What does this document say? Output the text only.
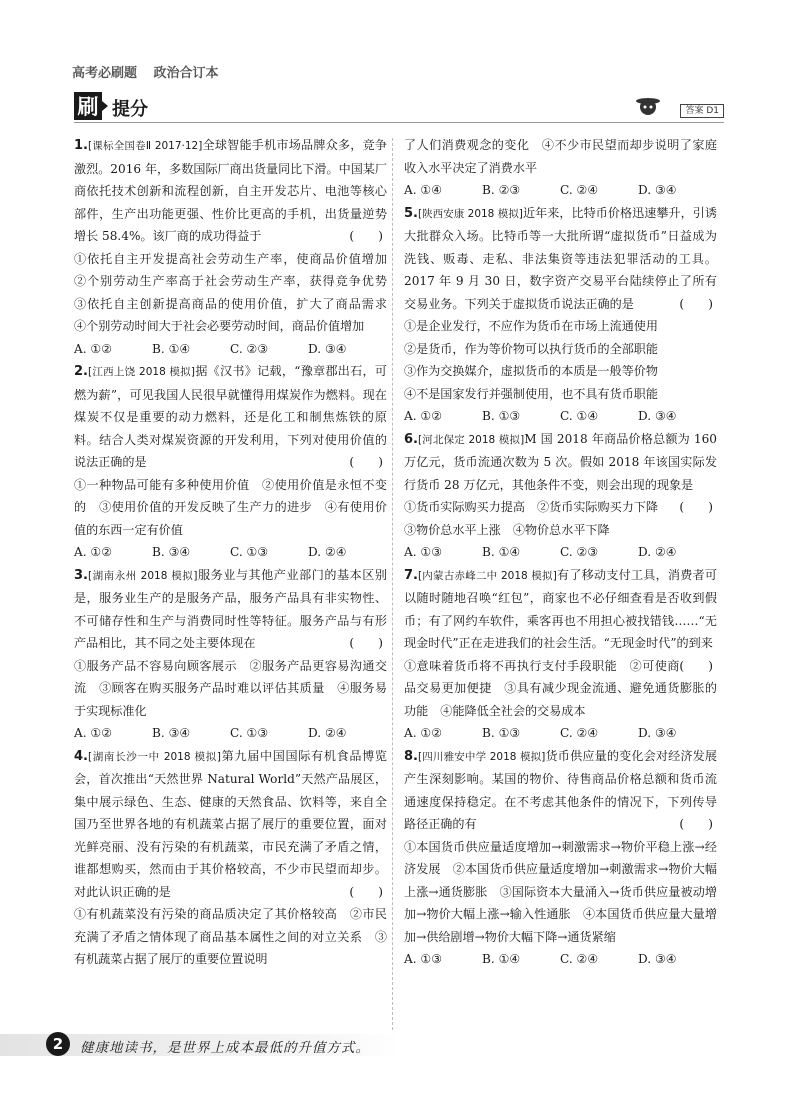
高考必刷题 政治合订本
刷 提分	答案 D1

1.[课标全国卷Ⅱ 2017·12]全球智能手机市场品牌众多，竞争激烈。2016 年，多数国际厂商出货量同比下滑。中国某厂商依托技术创新和流程创新，自主开发芯片、电池等核心部件，生产出功能更强、性价比更高的手机，出货量逆势增长 58.4%。该厂商的成功得益于	(　　)

①依托自主开发提高社会劳动生产率，使商品价值增加　②个别劳动生产率高于社会劳动生产率，获得竞争优势　③依托自主创新提高商品的使用价值，扩大了商品需求　④个别劳动时间大于社会必要劳动时间，商品价值增加

A. ①②	B. ①④	C. ②③	D. ③④

2.[江西上饶 2018 模拟]据《汉书》记载，“豫章郡出石，可燃为薪”，可见我国人民很早就懂得用煤炭作为燃料。现在煤炭不仅是重要的动力燃料，还是化工和制焦炼铁的原料。结合人类对煤炭资源的开发利用，下列对使用价值的说法正确的是	(　　)

①一种物品可能有多种使用价值　②使用价值是永恒不变的　③使用价值的开发反映了生产力的进步　④有使用价值的东西一定有价值

A. ①②	B. ③④	C. ①③	D. ②④

3.[湖南永州 2018 模拟]服务业与其他产业部门的基本区别是，服务业生产的是服务产品，服务产品具有非实物性、不可储存性和生产与消费同时性等特征。服务产品与有形产品相比，其不同之处主要体现在	(　　)

①服务产品不容易向顾客展示　②服务产品更容易沟通交流　③顾客在购买服务产品时难以评估其质量　④服务易于实现标准化

A. ①②	B. ③④	C. ①③	D. ②④

4.[湖南长沙一中 2018 模拟]第九届中国国际有机食品博览会，首次推出“天然世界 Natural World”天然产品展区，集中展示绿色、生态、健康的天然食品、饮料等，来自全国乃至世界各地的有机蔬菜占据了展厅的重要位置，面对光鲜亮丽、没有污染的有机蔬菜，市民充满了矛盾之情，谁都想购买，然而由于其价格较高，不少市民望而却步。对此认识正确的是	(　　)

①有机蔬菜没有污染的商品质决定了其价格较高　②市民充满了矛盾之情体现了商品基本属性之间的对立关系　③有机蔬菜占据了展厅的重要位置说明

了人们消费观念的变化　④不少市民望而却步说明了家庭收入水平决定了消费水平

A. ①④	B. ②③	C. ②④	D. ③④

5.[陕西安康 2018 模拟]近年来，比特币价格迅速攀升，引诱大批群众入场。比特币等一大批所谓“虚拟货币”日益成为洗钱、贩毒、走私、非法集资等违法犯罪活动的工具。2017 年 9 月 30 日，数字资产交易平台陆续停止了所有交易业务。下列关于虚拟货币说法正确的是	(　　)

①是企业发行，不应作为货币在市场上流通使用

②是货币，作为等价物可以执行货币的全部职能

③作为交换媒介，虚拟货币的本质是一般等价物

④不是国家发行并强制使用，也不具有货币职能

A. ①②	B. ①③	C. ①④	D. ③④

6.[河北保定 2018 模拟]M 国 2018 年商品价格总额为 160 万亿元，货币流通次数为 5 次。假如 2018 年该国实际发行货币 28 万亿元，其他条件不变，则会出现的现象是
(　　)

①货币实际购买力提高　②货币实际购买力下降

③物价总水平上涨　④物价总水平下降

A. ①③	B. ①④	C. ②③	D. ②④

7.[内蒙古赤峰二中 2018 模拟]有了移动支付工具，消费者可以随时随地召唤“红包”，商家也不必仔细查看是否收到假币；有了网约车软件，乘客再也不用担心被找错钱……“无现金时代”正在走进我们的社会生活。“无现金时代”的到来
(　　)

①意味着货币将不再执行支付手段职能　②可使商品交易更加便捷　③具有减少现金流通、避免通货膨胀的功能　④能降低全社会的交易成本

A. ①②	B. ①③	C. ②④	D. ③④

8.[四川雅安中学 2018 模拟]货币供应量的变化会对经济发展产生深刻影响。某国的物价、待售商品价格总额和货币流通速度保持稳定。在不考虑其他条件的情况下，下列传导路径正确的有	(　　)

①本国货币供应量适度增加→刺激需求→物价平稳上涨→经济发展　②本国货币供应量适度增加→刺激需求→物价大幅上涨→通货膨胀　③国际资本大量涌入→货币供应量被动增加→物价大幅上涨→输入性通胀　④本国货币供应量大量增加→供给剧增→物价大幅下降→通货紧缩

A. ①③	B. ①④	C. ②④	D. ③④
2	健康地读书，是世界上成本最低的升值方式。
